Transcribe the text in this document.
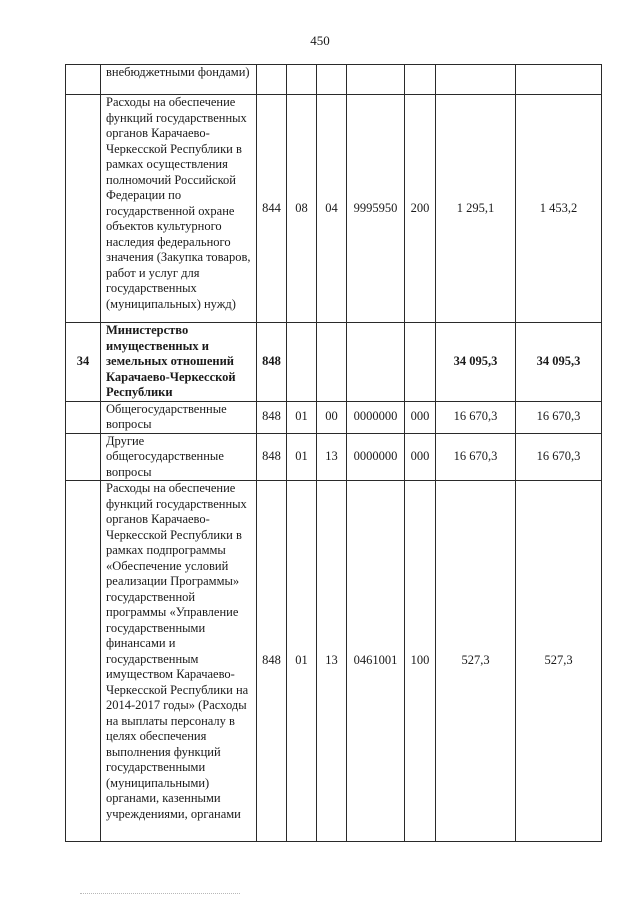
450
	внебюджетными фондами)							
	Расходы на обеспечение функций государственных органов Карачаево-Черкесской Республики в рамках осуществления полномочий Российской Федерации по государственной охране объектов культурного наследия федерального значения (Закупка товаров, работ и услуг для государственных (муниципальных) нужд)	844	08	04	9995950	200	1 295,1	1 453,2
34	Министерство имущественных и земельных отношений Карачаево-Черкесской Республики	848					34 095,3	34 095,3
	Общегосударственные вопросы	848	01	00	0000000	000	16 670,3	16 670,3
	Другие общегосударственные вопросы	848	01	13	0000000	000	16 670,3	16 670,3
	Расходы на обеспечение функций государственных органов Карачаево-Черкесской Республики в рамках подпрограммы «Обеспечение условий реализации Программы» государственной программы «Управление государственными финансами и государственным имуществом Карачаево-Черкесской Республики на 2014-2017 годы» (Расходы на выплаты персоналу в целях обеспечения выполнения функций государственными (муниципальными) органами, казенными учреждениями, органами	848	01	13	0461001	100	527,3	527,3
